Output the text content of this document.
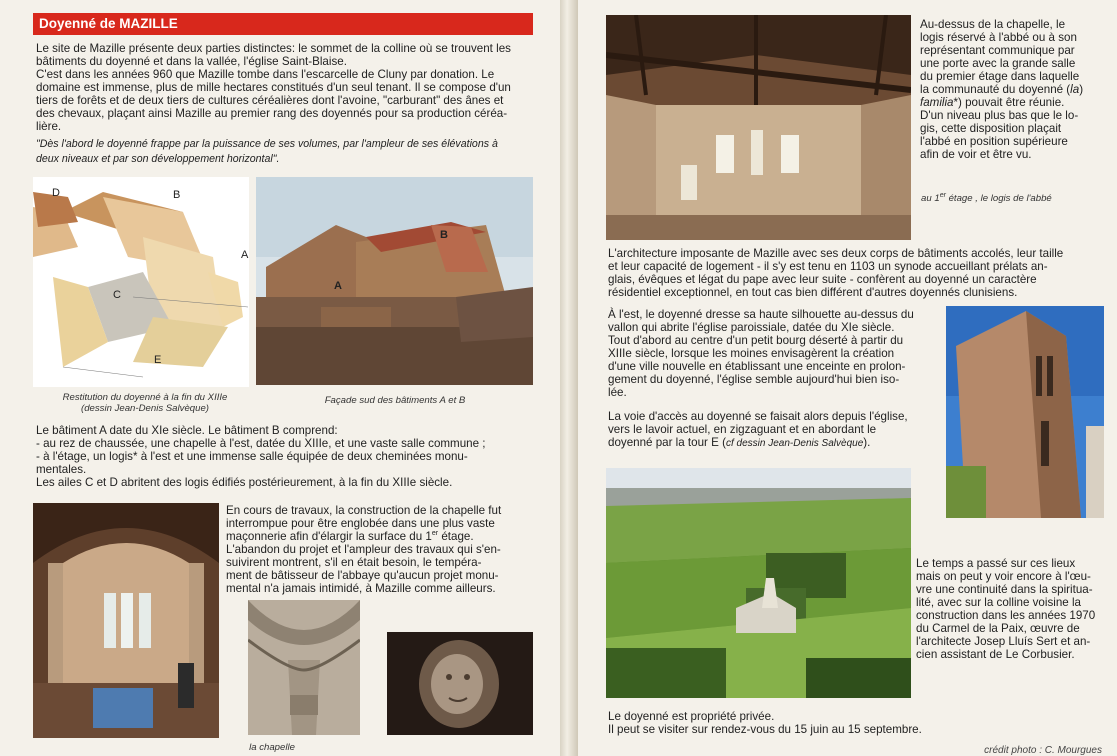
Doyenné de MAZILLE
Le site de Mazille présente deux parties distinctes: le sommet de la colline où se trouvent les
bâtiments du doyenné et dans la vallée, l'église Saint-Blaise.
C'est dans les années 960 que Mazille tombe dans l'escarcelle de Cluny par donation. Le
domaine est immense, plus de mille hectares constitués d'un seul tenant. Il se compose d'un
tiers de forêts et de deux tiers de cultures céréalières dont l'avoine, "carburant" des ânes et
des chevaux, plaçant ainsi Mazille au premier rang des doyennés pour sa production céréa-
lière.
"Dès l'abord le doyenné frappe par la puissance de ses volumes, par l'ampleur de ses élévations à
deux niveaux et par son développement horizontal".
D	B
C
A
E
Restitution du doyenné à la fin du XIIIe
(dessin Jean-Denis Salvèque)
A
B
Façade sud des bâtiments A et B
Le bâtiment A date du XIe siècle. Le bâtiment B comprend:
- au rez de chaussée, une chapelle à l'est, datée du XIIIe, et une vaste salle commune ;
- à l'étage, un logis* à l'est et une immense salle équipée de deux cheminées monu-
mentales.
Les ailes C et D abritent des logis édifiés postérieurement, à la fin du XIIIe siècle.
En cours de travaux, la construction de la chapelle fut
interrompue pour être englobée dans une plus vaste
maçonnerie afin d'élargir la surface du 1er étage.
L'abandon du projet et l'ampleur des travaux qui s'en-
suivirent montrent, s'il en était besoin, le tempéra-
ment de bâtisseur de l'abbaye qu'aucun projet monu-
mental n'a jamais intimidé, à Mazille comme ailleurs.
la chapelle
Au-dessus de la chapelle, le
logis réservé à l'abbé ou à son
représentant communique par
une porte avec la grande salle
du premier étage dans laquelle
la communauté du doyenné (la)
familia*) pouvait être réunie.
D'un niveau plus bas que le lo-
gis, cette disposition plaçait
l'abbé en position supérieure
afin de voir et être vu.
au 1er étage , le logis de l'abbé
L'architecture imposante de Mazille avec ses deux corps de bâtiments accolés, leur taille
et leur capacité de logement - il s'y est tenu en 1103 un synode accueillant prélats an-
glais, évêques et légat du pape avec leur suite - confèrent au doyenné un caractère
résidentiel exceptionnel, en tout cas bien différent d'autres doyennés clunisiens.
À l'est, le doyenné dresse sa haute silhouette au-dessus du
vallon qui abrite l'église paroissiale, datée du XIe siècle.
Tout d'abord au centre d'un petit bourg déserté à partir du
XIIIe siècle, lorsque les moines envisagèrent la création
d'une ville nouvelle en établissant une enceinte en prolon-
gement du doyenné, l'église semble aujourd'hui bien iso-
lée.
La voie d'accès au doyenné se faisait alors depuis l'église,
vers le lavoir actuel, en zigzaguant et en abordant le
doyenné par la tour E (cf dessin Jean-Denis Salvèque).
Le temps a passé sur ces lieux
mais on peut y voir encore à l'œu-
vre une continuité dans la spiritua-
lité, avec sur la colline voisine la
construction dans les années 1970
du Carmel de la Paix, œuvre de
l'architecte Josep Lluís Sert et an-
cien assistant de Le Corbusier.
Le doyenné est propriété privée.
Il peut se visiter sur rendez-vous du 15 juin au 15 septembre.
crédit photo : C. Mourgues
